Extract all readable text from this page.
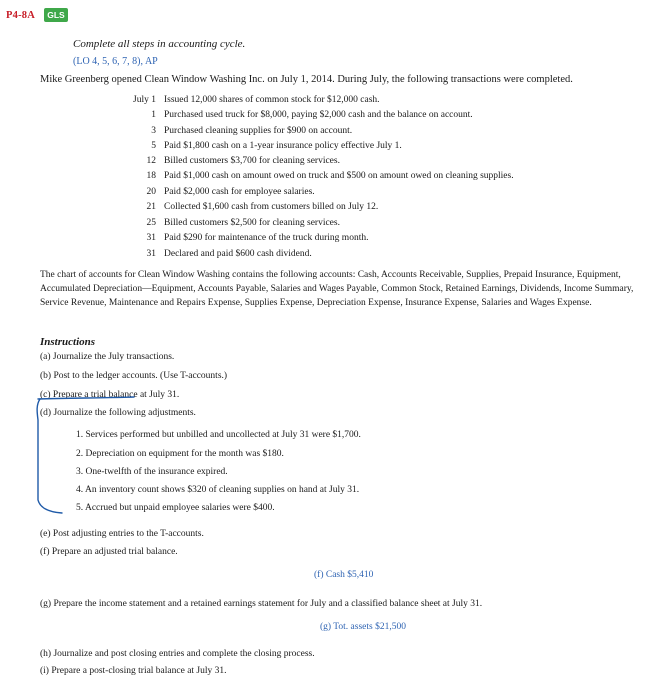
P4-8A	GLS
Complete all steps in accounting cycle.
(LO 4, 5, 6, 7, 8), AP
Mike Greenberg opened Clean Window Washing Inc. on July 1, 2014. During July, the following transactions were completed.
July 1 Issued 12,000 shares of common stock for $12,000 cash.
1 Purchased used truck for $8,000, paying $2,000 cash and the balance on account.
3 Purchased cleaning supplies for $900 on account.
5 Paid $1,800 cash on a 1-year insurance policy effective July 1.
12 Billed customers $3,700 for cleaning services.
18 Paid $1,000 cash on amount owed on truck and $500 on amount owed on cleaning supplies.
20 Paid $2,000 cash for employee salaries.
21 Collected $1,600 cash from customers billed on July 12.
25 Billed customers $2,500 for cleaning services.
31 Paid $290 for maintenance of the truck during month.
31 Declared and paid $600 cash dividend.
The chart of accounts for Clean Window Washing contains the following accounts: Cash, Accounts Receivable, Supplies, Prepaid Insurance, Equipment, Accumulated Depreciation—Equipment, Accounts Payable, Salaries and Wages Payable, Common Stock, Retained Earnings, Dividends, Income Summary, Service Revenue, Maintenance and Repairs Expense, Supplies Expense, Depreciation Expense, Insurance Expense, Salaries and Wages Expense.
Instructions
(a) Journalize the July transactions.
(b) Post to the ledger accounts. (Use T-accounts.)
(c) Prepare a trial balance at July 31.
(d) Journalize the following adjustments.
1. Services performed but unbilled and uncollected at July 31 were $1,700.
2. Depreciation on equipment for the month was $180.
3. One-twelfth of the insurance expired.
4. An inventory count shows $320 of cleaning supplies on hand at July 31.
5. Accrued but unpaid employee salaries were $400.
(e) Post adjusting entries to the T-accounts.
(f) Prepare an adjusted trial balance.
(f) Cash $5,410
(g) Prepare the income statement and a retained earnings statement for July and a classified balance sheet at July 31.
(g) Tot. assets $21,500
(h) Journalize and post closing entries and complete the closing process.
(i) Prepare a post-closing trial balance at July 31.
